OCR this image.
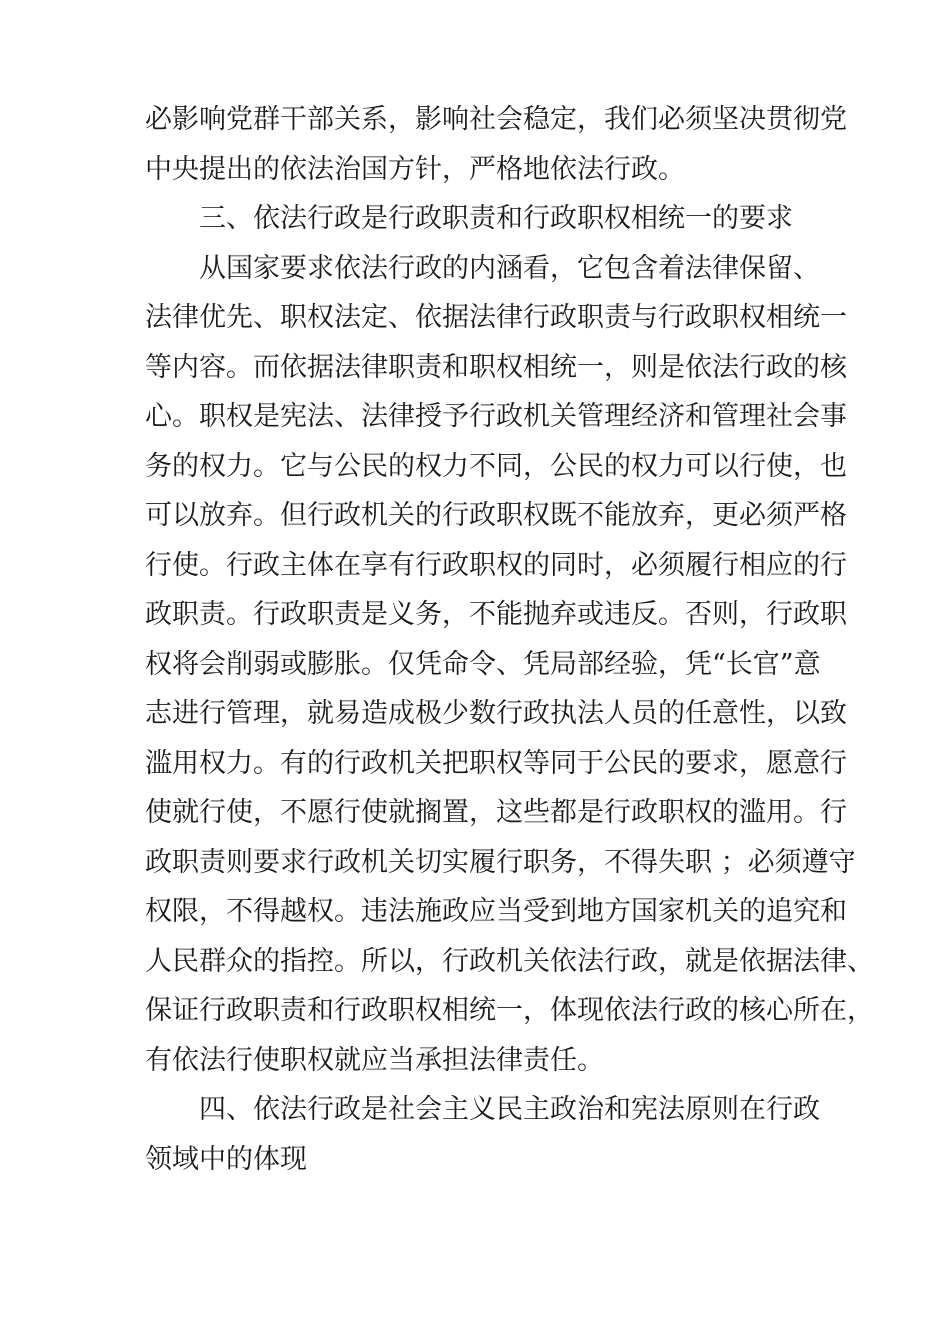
必影响党群干部关系，影响社会稳定，我们必须坚决贯彻党
中央提出的依法治国方针，严格地依法行政。
三、依法行政是行政职责和行政职权相统一的要求
从国家要求依法行政的内涵看，它包含着法律保留、
法律优先、职权法定、依据法律行政职责与行政职权相统一
等内容。而依据法律职责和职权相统一，则是依法行政的核
心。职权是宪法、法律授予行政机关管理经济和管理社会事
务的权力。它与公民的权力不同，公民的权力可以行使，也
可以放弃。但行政机关的行政职权既不能放弃，更必须严格
行使。行政主体在享有行政职权的同时，必须履行相应的行
政职责。行政职责是义务，不能抛弃或违反。否则，行政职
权将会削弱或膨胀。仅凭命令、凭局部经验，凭“长官”意
志进行管理，就易造成极少数行政执法人员的任意性，以致
滥用权力。有的行政机关把职权等同于公民的要求，愿意行
使就行使，不愿行使就搁置，这些都是行政职权的滥用。行
政职责则要求行政机关切实履行职务，不得失职 ；必须遵守
权限，不得越权。违法施政应当受到地方国家机关的追究和
人民群众的指控。所以，行政机关依法行政，就是依据法律、
保证行政职责和行政职权相统一，体现依法行政的核心所在，
有依法行使职权就应当承担法律责任。
四、依法行政是社会主义民主政治和宪法原则在行政
领域中的体现
